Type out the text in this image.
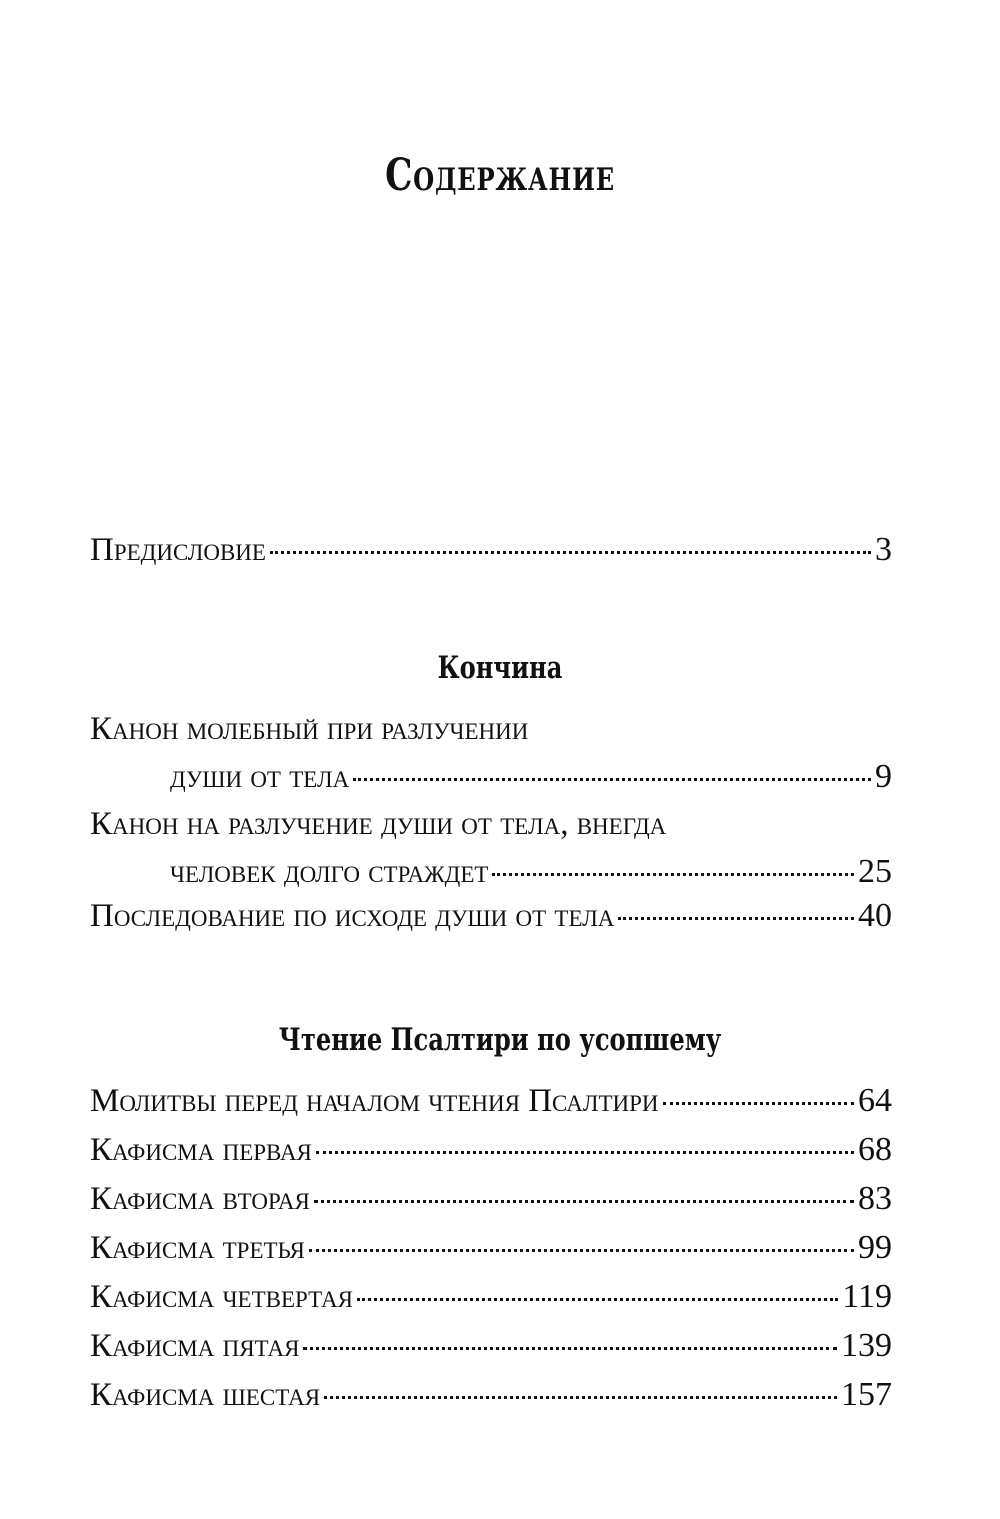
Содержание
Предисловие	3
Кончина
Канон молебный при разлучении
души от тела	9
Канон на разлучение души от тела, внегда
человек долго страждет	25
Последование по исходе души от тела	40
Чтение Псалтири по усопшему
Молитвы перед началом чтения Псалтири	64
Кафисма первая	68
Кафисма вторая	83
Кафисма третья	99
Кафисма четвертая	119
Кафисма пятая	139
Кафисма шестая	157
